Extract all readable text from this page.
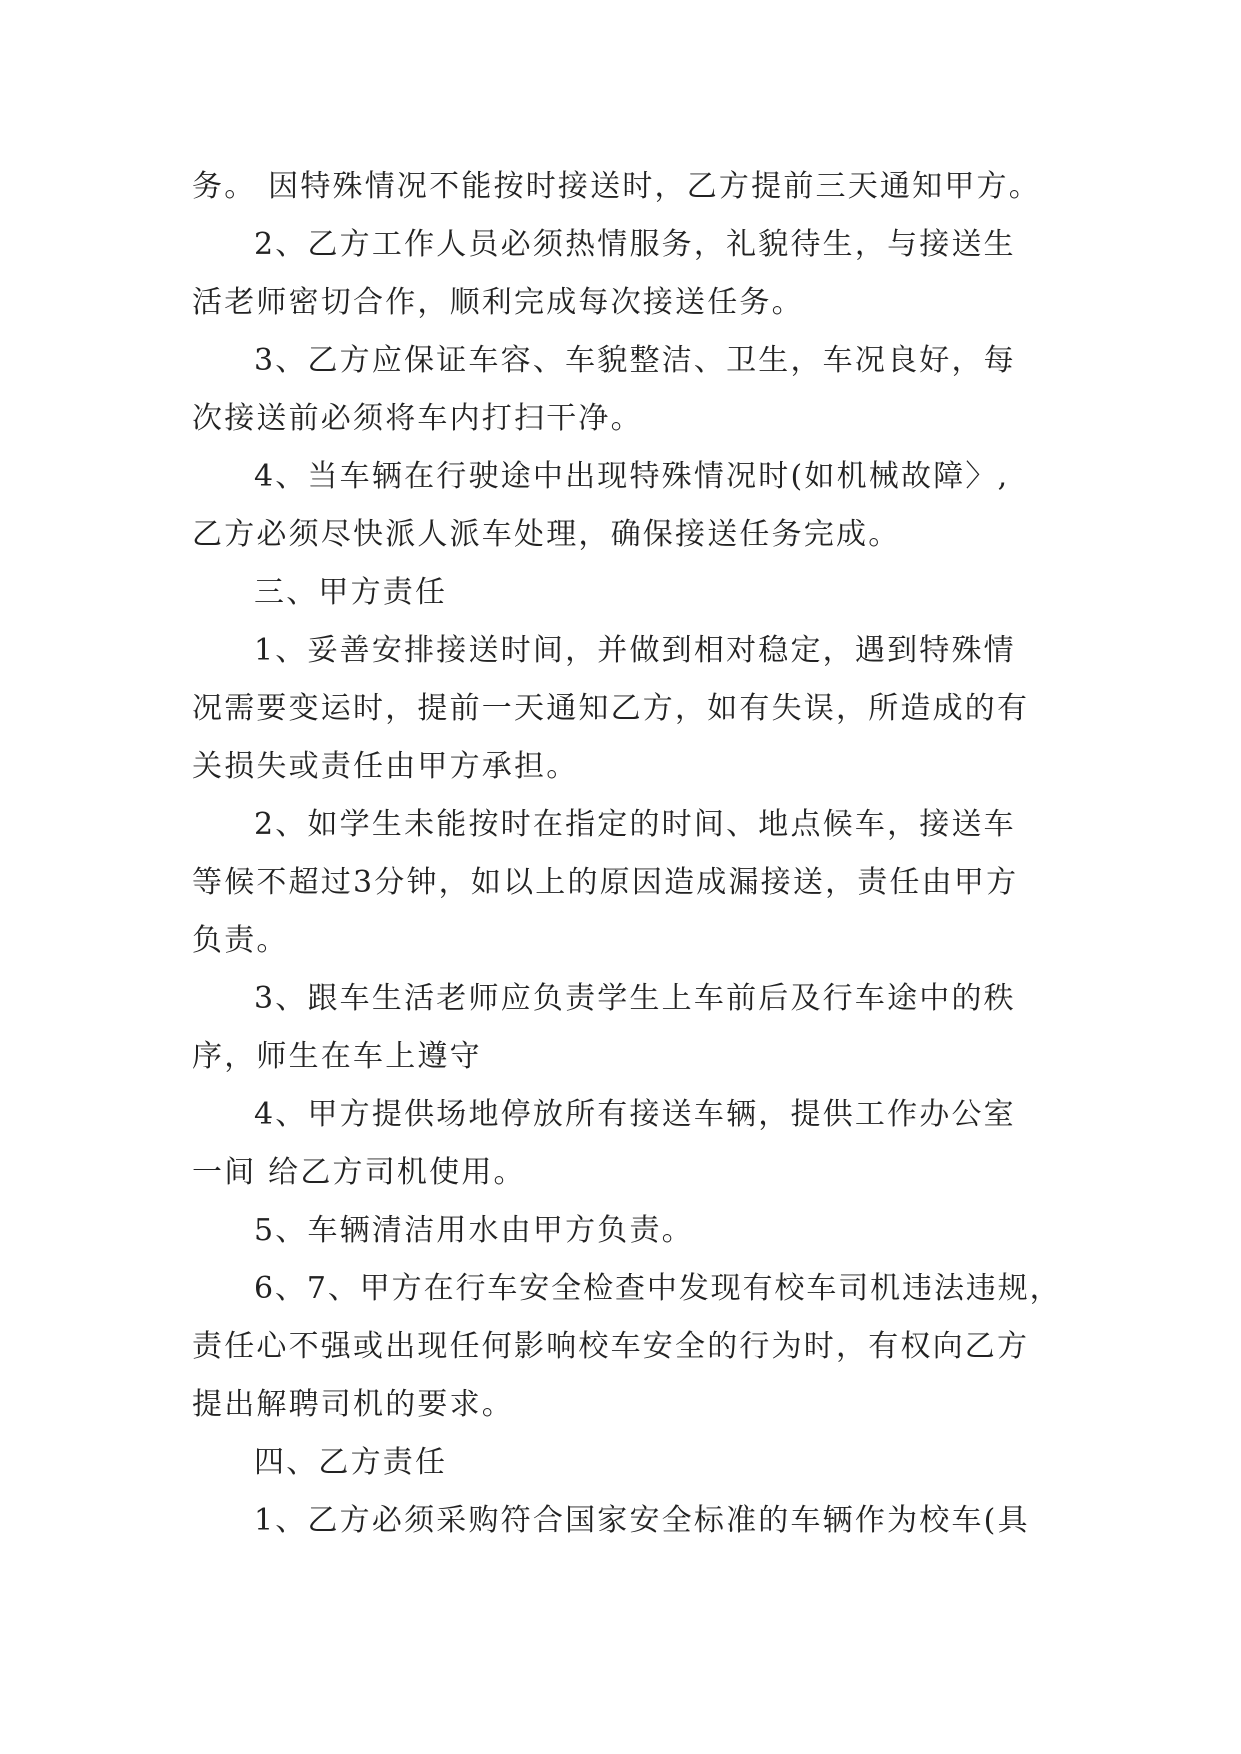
务。 因特殊情况不能按时接送时，乙方提前三天通知甲方。
2、乙方工作人员必须热情服务，礼貌待生，与接送生
活老师密切合作，顺利完成每次接送任务。
3、乙方应保证车容、车貌整洁、卫生，车况良好，每
次接送前必须将车内打扫干净。
4、当车辆在行驶途中出现特殊情况时(如机械故障〉,
乙方必须尽快派人派车处理，确保接送任务完成。
三、甲方责任
1、妥善安排接送时间，并做到相对稳定，遇到特殊情
况需要变运时，提前一天通知乙方，如有失误，所造成的有
关损失或责任由甲方承担。
2、如学生未能按时在指定的时间、地点候车，接送车
等候不超过3分钟，如以上的原因造成漏接送，责任由甲方
负责。
3、跟车生活老师应负责学生上车前后及行车途中的秩
序，师生在车上遵守
4、甲方提供场地停放所有接送车辆，提供工作办公室
一间 给乙方司机使用。
5、车辆清洁用水由甲方负责。
6、7、甲方在行车安全检查中发现有校车司机违法违规，
责任心不强或出现任何影响校车安全的行为时，有权向乙方
提出解聘司机的要求。
四、乙方责任
1、乙方必须采购符合国家安全标准的车辆作为校车(具
